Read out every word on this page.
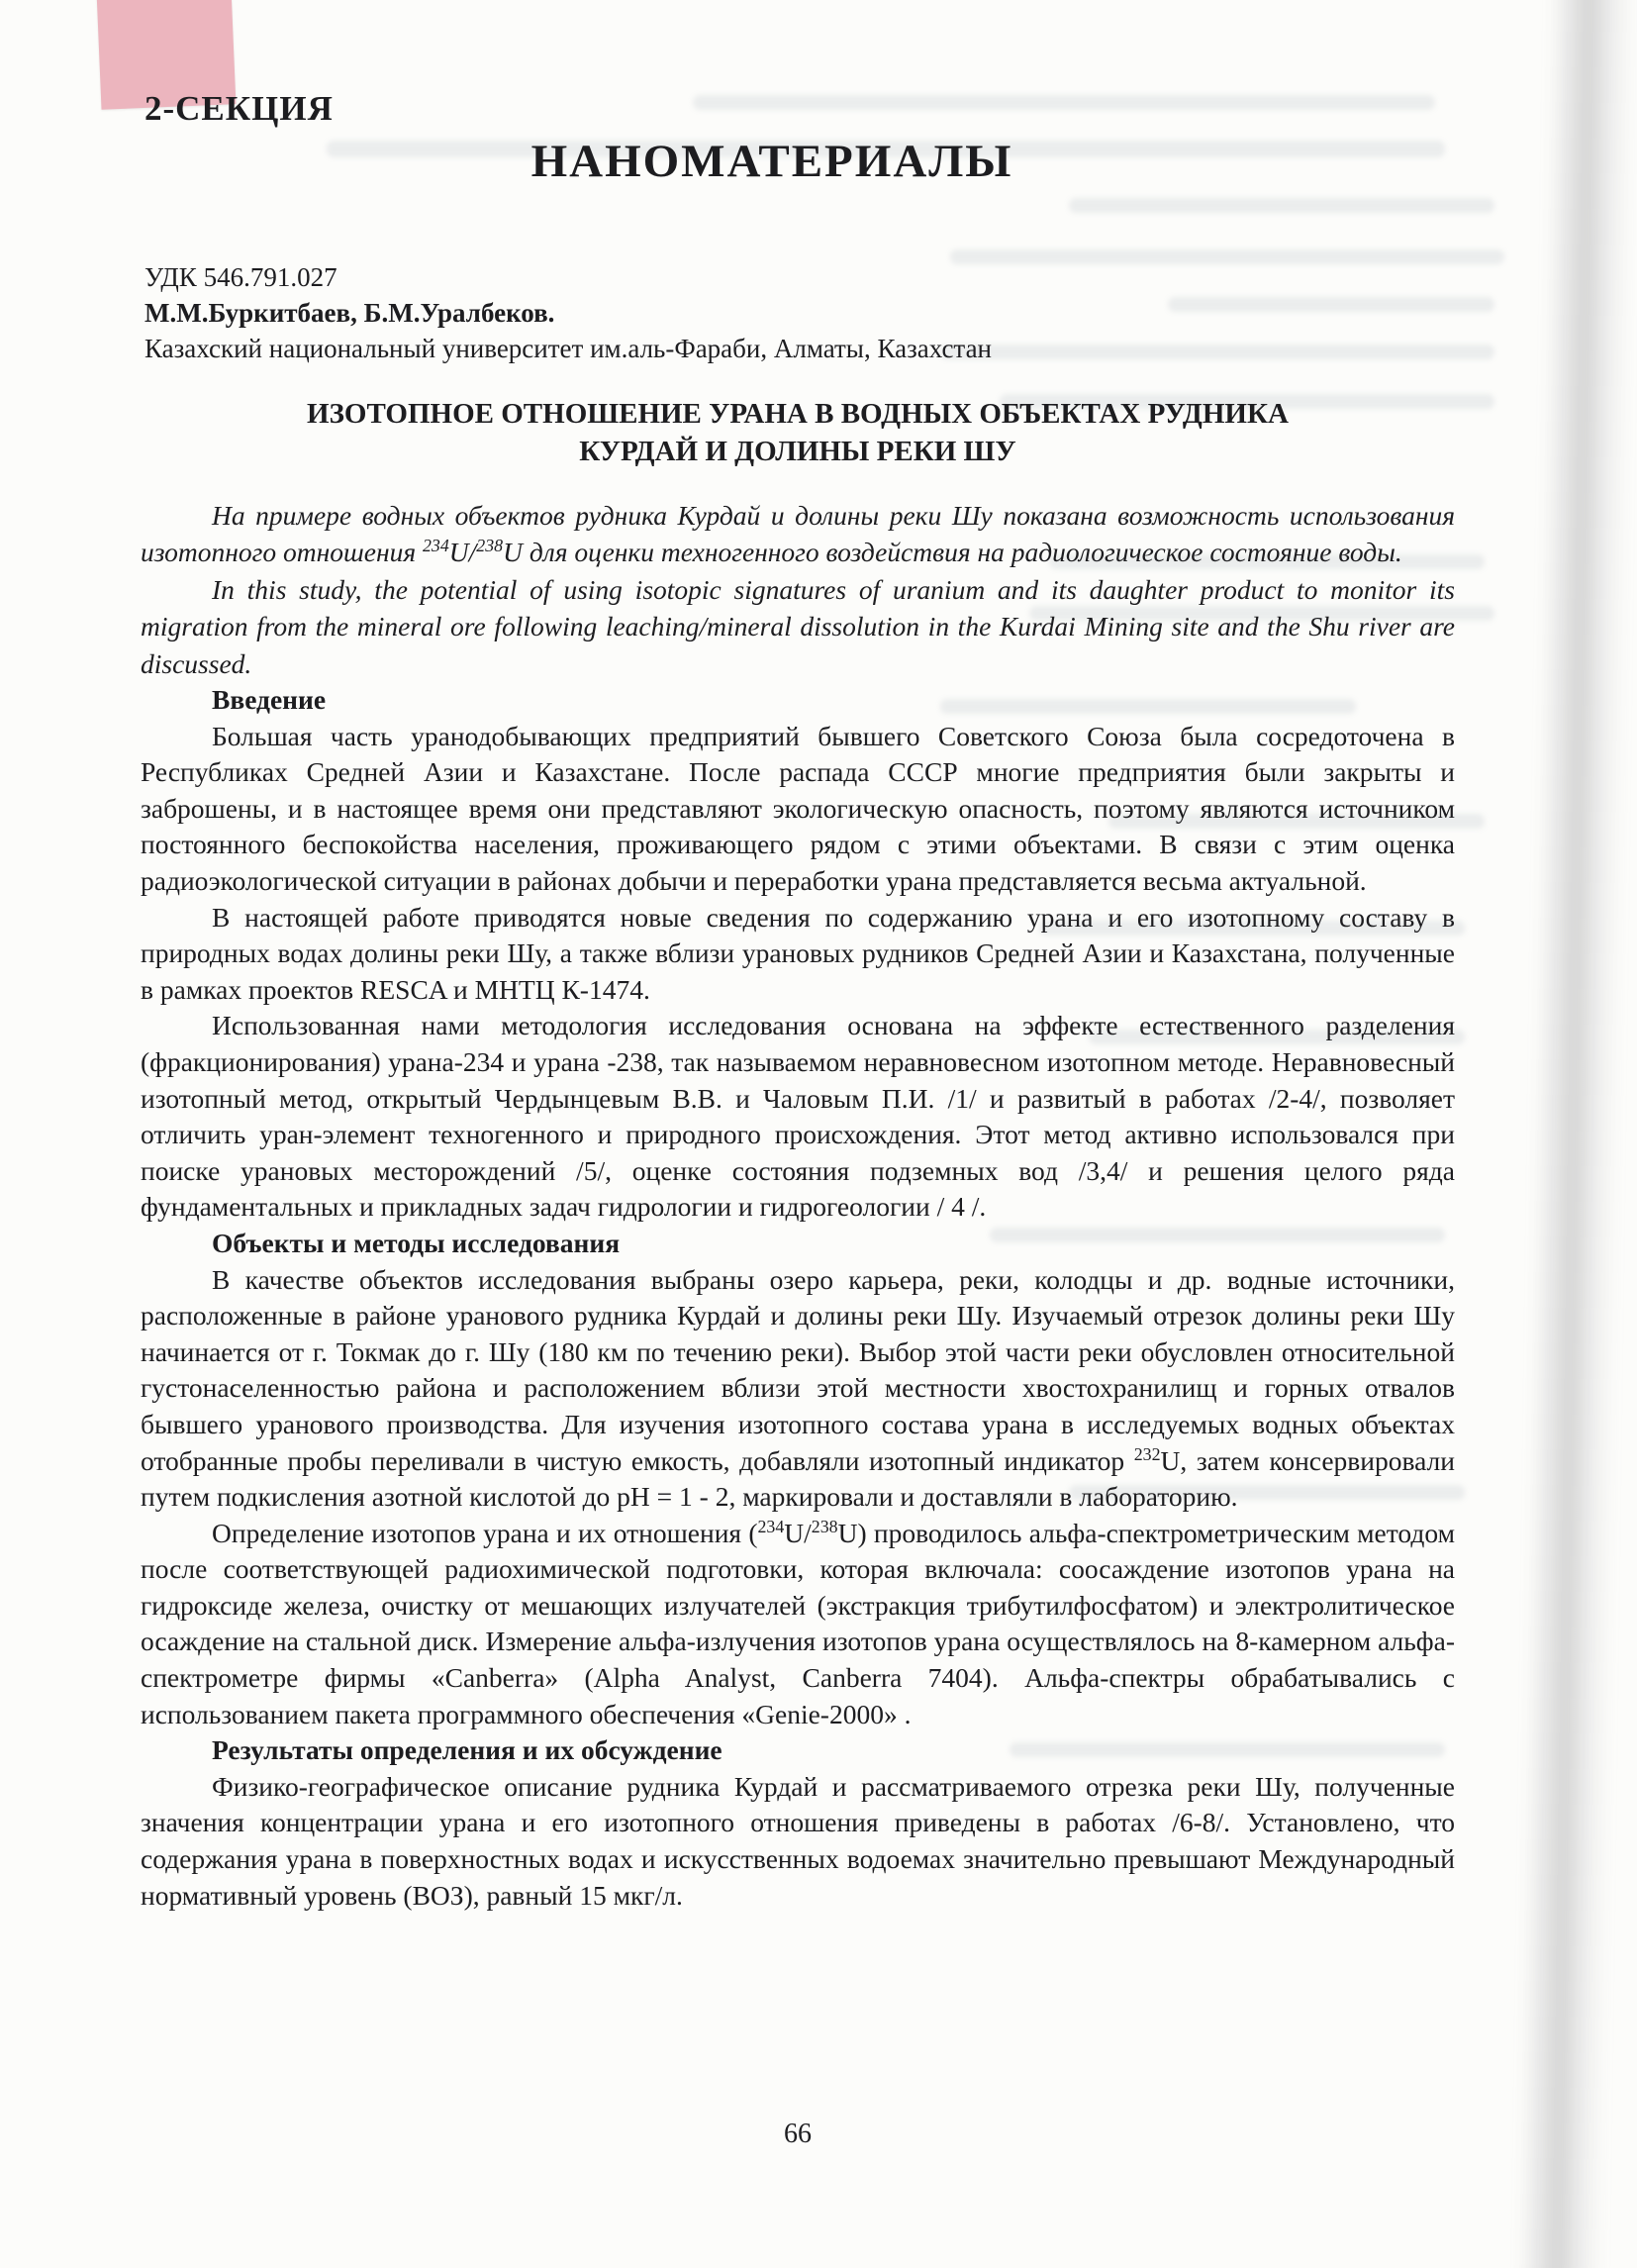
2-СЕКЦИЯ
НАНОМАТЕРИАЛЫ
УДК 546.791.027
М.М.Буркитбаев, Б.М.Уралбеков.
Казахский национальный университет им.аль-Фараби, Алматы, Казахстан
ИЗОТОПНОЕ ОТНОШЕНИЕ УРАНА В ВОДНЫХ ОБЪЕКТАХ РУДНИКА
КУРДАЙ И ДОЛИНЫ РЕКИ ШУ

На примере водных объектов рудника Курдай и долины реки Шу показана возможность использования изотопного отношения $^{234}$U/$^{238}$U для оценки техногенного воздействия на радиологическое состояние воды.

In this study, the potential of using isotopic signatures of uranium and its daughter product to monitor its migration from the mineral ore following leaching/mineral dissolution in the Kurdai Mining site and the Shu river are discussed.

Введение

Большая часть уранодобывающих предприятий бывшего Советского Союза была сосредоточена в Республиках Средней Азии и Казахстане. После распада СССР многие предприятия были закрыты и заброшены, и в настоящее время они представляют экологическую опасность, поэтому являются источником постоянного беспокойства населения, проживающего рядом с этими объектами. В связи с этим оценка радиоэкологической ситуации в районах добычи и переработки урана представляется весьма актуальной.

В настоящей работе приводятся новые сведения по содержанию урана и его изотопному составу в природных водах долины реки Шу, а также вблизи урановых рудников Средней Азии и Казахстана, полученные в рамках проектов RESCA и МНТЦ К-1474.

Использованная нами методология исследования основана на эффекте естественного разделения (фракционирования) урана-234 и урана -238, так называемом неравновесном изотопном методе. Неравновесный изотопный метод, открытый Чердынцевым В.В. и Чаловым П.И. /1/ и развитый в работах /2-4/, позволяет отличить уран-элемент техногенного и природного происхождения. Этот метод активно использовался при поиске урановых месторождений /5/, оценке состояния подземных вод /3,4/ и решения целого ряда фундаментальных и прикладных задач гидрологии и гидрогеологии / 4 /.

Объекты и методы исследования

В качестве объектов исследования выбраны озеро карьера, реки, колодцы и др. водные источники, расположенные в районе уранового рудника Курдай и долины реки Шу. Изучаемый отрезок долины реки Шу начинается от г. Токмак до г. Шу (180 км по течению реки). Выбор этой части реки обусловлен относительной густонаселенностью района и расположением вблизи этой местности хвостохранилищ и горных отвалов бывшего уранового производства. Для изучения изотопного состава урана в исследуемых водных объектах отобранные пробы переливали в чистую емкость, добавляли изотопный индикатор $^{232}$U, затем консервировали путем подкисления азотной кислотой до pH = 1 - 2, маркировали и доставляли в лабораторию.

Определение изотопов урана и их отношения ($^{234}$U/$^{238}$U) проводилось альфа-спектрометрическим методом после соответствующей радиохимической подготовки, которая включала: соосаждение изотопов урана на гидроксиде железа, очистку от мешающих излучателей (экстракция трибутилфосфатом) и электролитическое осаждение на стальной диск. Измерение альфа-излучения изотопов урана осуществлялось на 8-камерном альфа-спектрометре фирмы «Canberra» (Alpha Analyst, Canberra 7404). Альфа-спектры обрабатывались с использованием пакета программного обеспечения «Genie-2000» .

Результаты определения и их обсуждение

Физико-географическое описание рудника Курдай и рассматриваемого отрезка реки Шу, полученные значения концентрации урана и его изотопного отношения приведены в работах /6-8/. Установлено, что содержания урана в поверхностных водах и искусственных водоемах значительно превышают Международный нормативный уровень (ВОЗ), равный 15 мкг/л.

66
